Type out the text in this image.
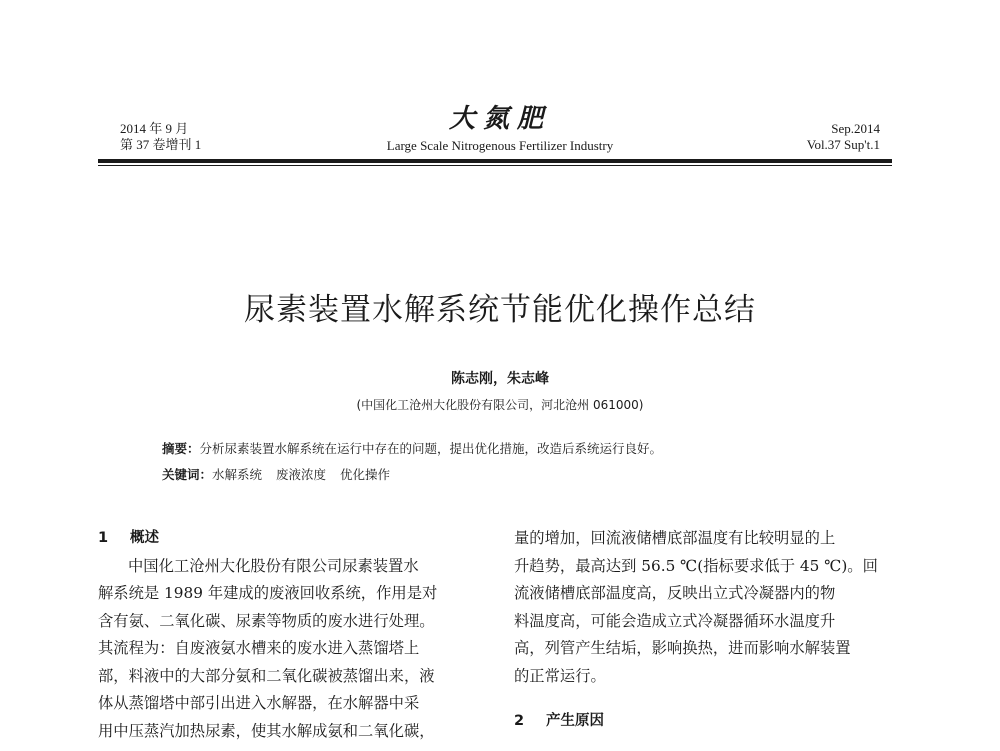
2014 年 9 月
第 37 卷增刊 1
大氮肥
Large Scale Nitrogenous Fertilizer Industry
Sep.2014
Vol.37 Sup't.1
尿素装置水解系统节能优化操作总结
陈志刚，朱志峰
(中国化工沧州大化股份有限公司，河北沧州 061000)
摘要：分析尿素装置水解系统在运行中存在的问题，提出优化措施，改造后系统运行良好。
关键词：水解系统 废液浓度 优化操作
1 概述
中国化工沧州大化股份有限公司尿素装置水
解系统是 1989 年建成的废液回收系统，作用是对
含有氨、二氧化碳、尿素等物质的废水进行处理。
其流程为：自废液氨水槽来的废水进入蒸馏塔上
部，料液中的大部分氨和二氧化碳被蒸馏出来，液
体从蒸馏塔中部引出进入水解器，在水解器中采
用中压蒸汽加热尿素，使其水解成氨和二氧化碳，
量的增加，回流液储槽底部温度有比较明显的上
升趋势，最高达到 56.5 ℃(指标要求低于 45 ℃)。回
流液储槽底部温度高，反映出立式冷凝器内的物
料温度高，可能会造成立式冷凝器循环水温度升
高，列管产生结垢，影响换热，进而影响水解装置
的正常运行。
2 产生原因
